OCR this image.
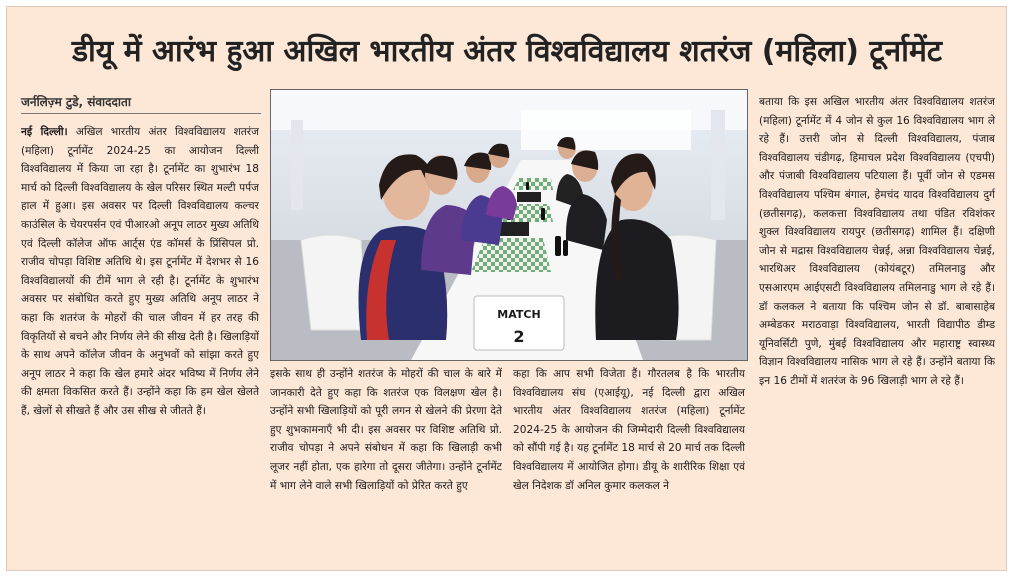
डीयू में आरंभ हुआ अखिल भारतीय अंतर विश्वविद्यालय शतरंज (महिला) टूर्नामेंट
जर्नलिज़्म टुडे, संवाददाता
नई दिल्ली। अखिल भारतीय अंतर विश्वविद्यालय शतरंज (महिला) टूर्नामेंट 2024-25 का आयोजन दिल्ली विश्वविद्यालय में किया जा रहा है। टूर्नामेंट का शुभारंभ 18 मार्च को दिल्ली विश्वविद्यालय के खेल परिसर स्थित मल्टी पर्पज हाल में हुआ। इस अवसर पर दिल्ली विश्वविद्यालय कल्चर काउंसिल के चेयरपर्सन एवं पीआरओ अनूप लाठर मुख्य अतिथि एवं दिल्ली कॉलेज ऑफ आर्ट्स एंड कॉमर्स के प्रिंसिपल प्रो. राजीव चोपड़ा विशिष्ट अतिथि थे। इस टूर्नामेंट में देशभर से 16 विश्वविद्यालयों की टीमें भाग ले रही है। टूर्नामेंट के शुभारंभ अवसर पर संबोधित करते हुए मुख्य अतिथि अनूप लाठर ने कहा कि शतरंज के मोहरों की चाल जीवन में हर तरह की विकृतियों से बचने और निर्णय लेने की सीख देती है। खिलाड़ियों के साथ अपने कॉलेज जीवन के अनुभवों को सांझा करते हुए अनूप लाठर ने कहा कि खेल हमारे अंदर भविष्य में निर्णय लेने की क्षमता विकसित करते हैं। उन्होंने कहा कि हम खेल खेलते हैं, खेलों से सीखते हैं और उस सीख से जीतते हैं।
MATCH
2
इसके साथ ही उन्होंने शतरंज के मोहरों की चाल के बारे में जानकारी देते हुए कहा कि शतरंज एक विलक्षण खेल है। उन्होंने सभी खिलाड़ियों को पूरी लगन से खेलने की प्रेरणा देते हुए शुभकामनाएँ भी दी। इस अवसर पर विशिष्ट अतिथि प्रो. राजीव चोपड़ा ने अपने संबोधन में कहा कि खिलाड़ी कभी लूजर नहीं होता, एक हारेगा तो दूसरा जीतेगा। उन्होंने टूर्नामेंट में भाग लेने वाले सभी खिलाड़ियों को प्रेरित करते हुए
कहा कि आप सभी विजेता हैं। गौरतलब है कि भारतीय विश्वविद्यालय संघ (एआईयू), नई दिल्ली द्वारा अखिल भारतीय अंतर विश्वविद्यालय शतरंज (महिला) टूर्नामेंट 2024-25 के आयोजन की जिम्मेदारी दिल्ली विश्वविद्यालय को सौंपी गई है। यह टूर्नामेंट 18 मार्च से 20 मार्च तक दिल्ली विश्वविद्यालय में आयोजित होगा। डीयू के शारीरिक शिक्षा एवं खेल निदेशक डॉ अनिल कुमार कलकल ने
बताया कि इस अखिल भारतीय अंतर विश्वविद्यालय शतरंज (महिला) टूर्नामेंट में 4 जोन से कुल 16 विश्वविद्यालय भाग ले रहे हैं। उत्तरी जोन से दिल्ली विश्वविद्यालय, पंजाब विश्वविद्यालय चंडीगढ़, हिमाचल प्रदेश विश्वविद्यालय (एचपी) और पंजाबी विश्वविद्यालय पटियाला हैं। पूर्वी जोन से एडमस विश्वविद्यालय पश्चिम बंगाल, हेमचंद यादव विश्वविद्यालय दुर्ग (छतीसगढ़), कलकत्ता विश्वविद्यालय तथा पंडित रविशंकर शुक्ल विश्वविद्यालय रायपुर (छतीसगढ़) शामिल हैं। दक्षिणी जोन से मद्रास विश्वविद्यालय चेन्नई, अन्ना विश्वविद्यालय चेन्नई, भारथिअर विश्वविद्यालय (कोयंबटूर) तमिलनाडु और एसआरएम आईएसटी विश्वविद्यालय तमिलनाडु भाग ले रहे हैं। डॉ कलकल ने बताया कि पश्चिम जोन से डॉ. बाबासाहेब अम्बेडकर मराठवाड़ा विश्वविद्यालय, भारती विद्यापीठ डीम्ड यूनिवर्सिटी पुणे, मुंबई विश्वविद्यालय और महाराष्ट्र स्वास्थ्य विज्ञान विश्वविद्यालय नासिक भाग ले रहे हैं। उन्होंने बताया कि इन 16 टीमों में शतरंज के 96 खिलाड़ी भाग ले रहे हैं।
